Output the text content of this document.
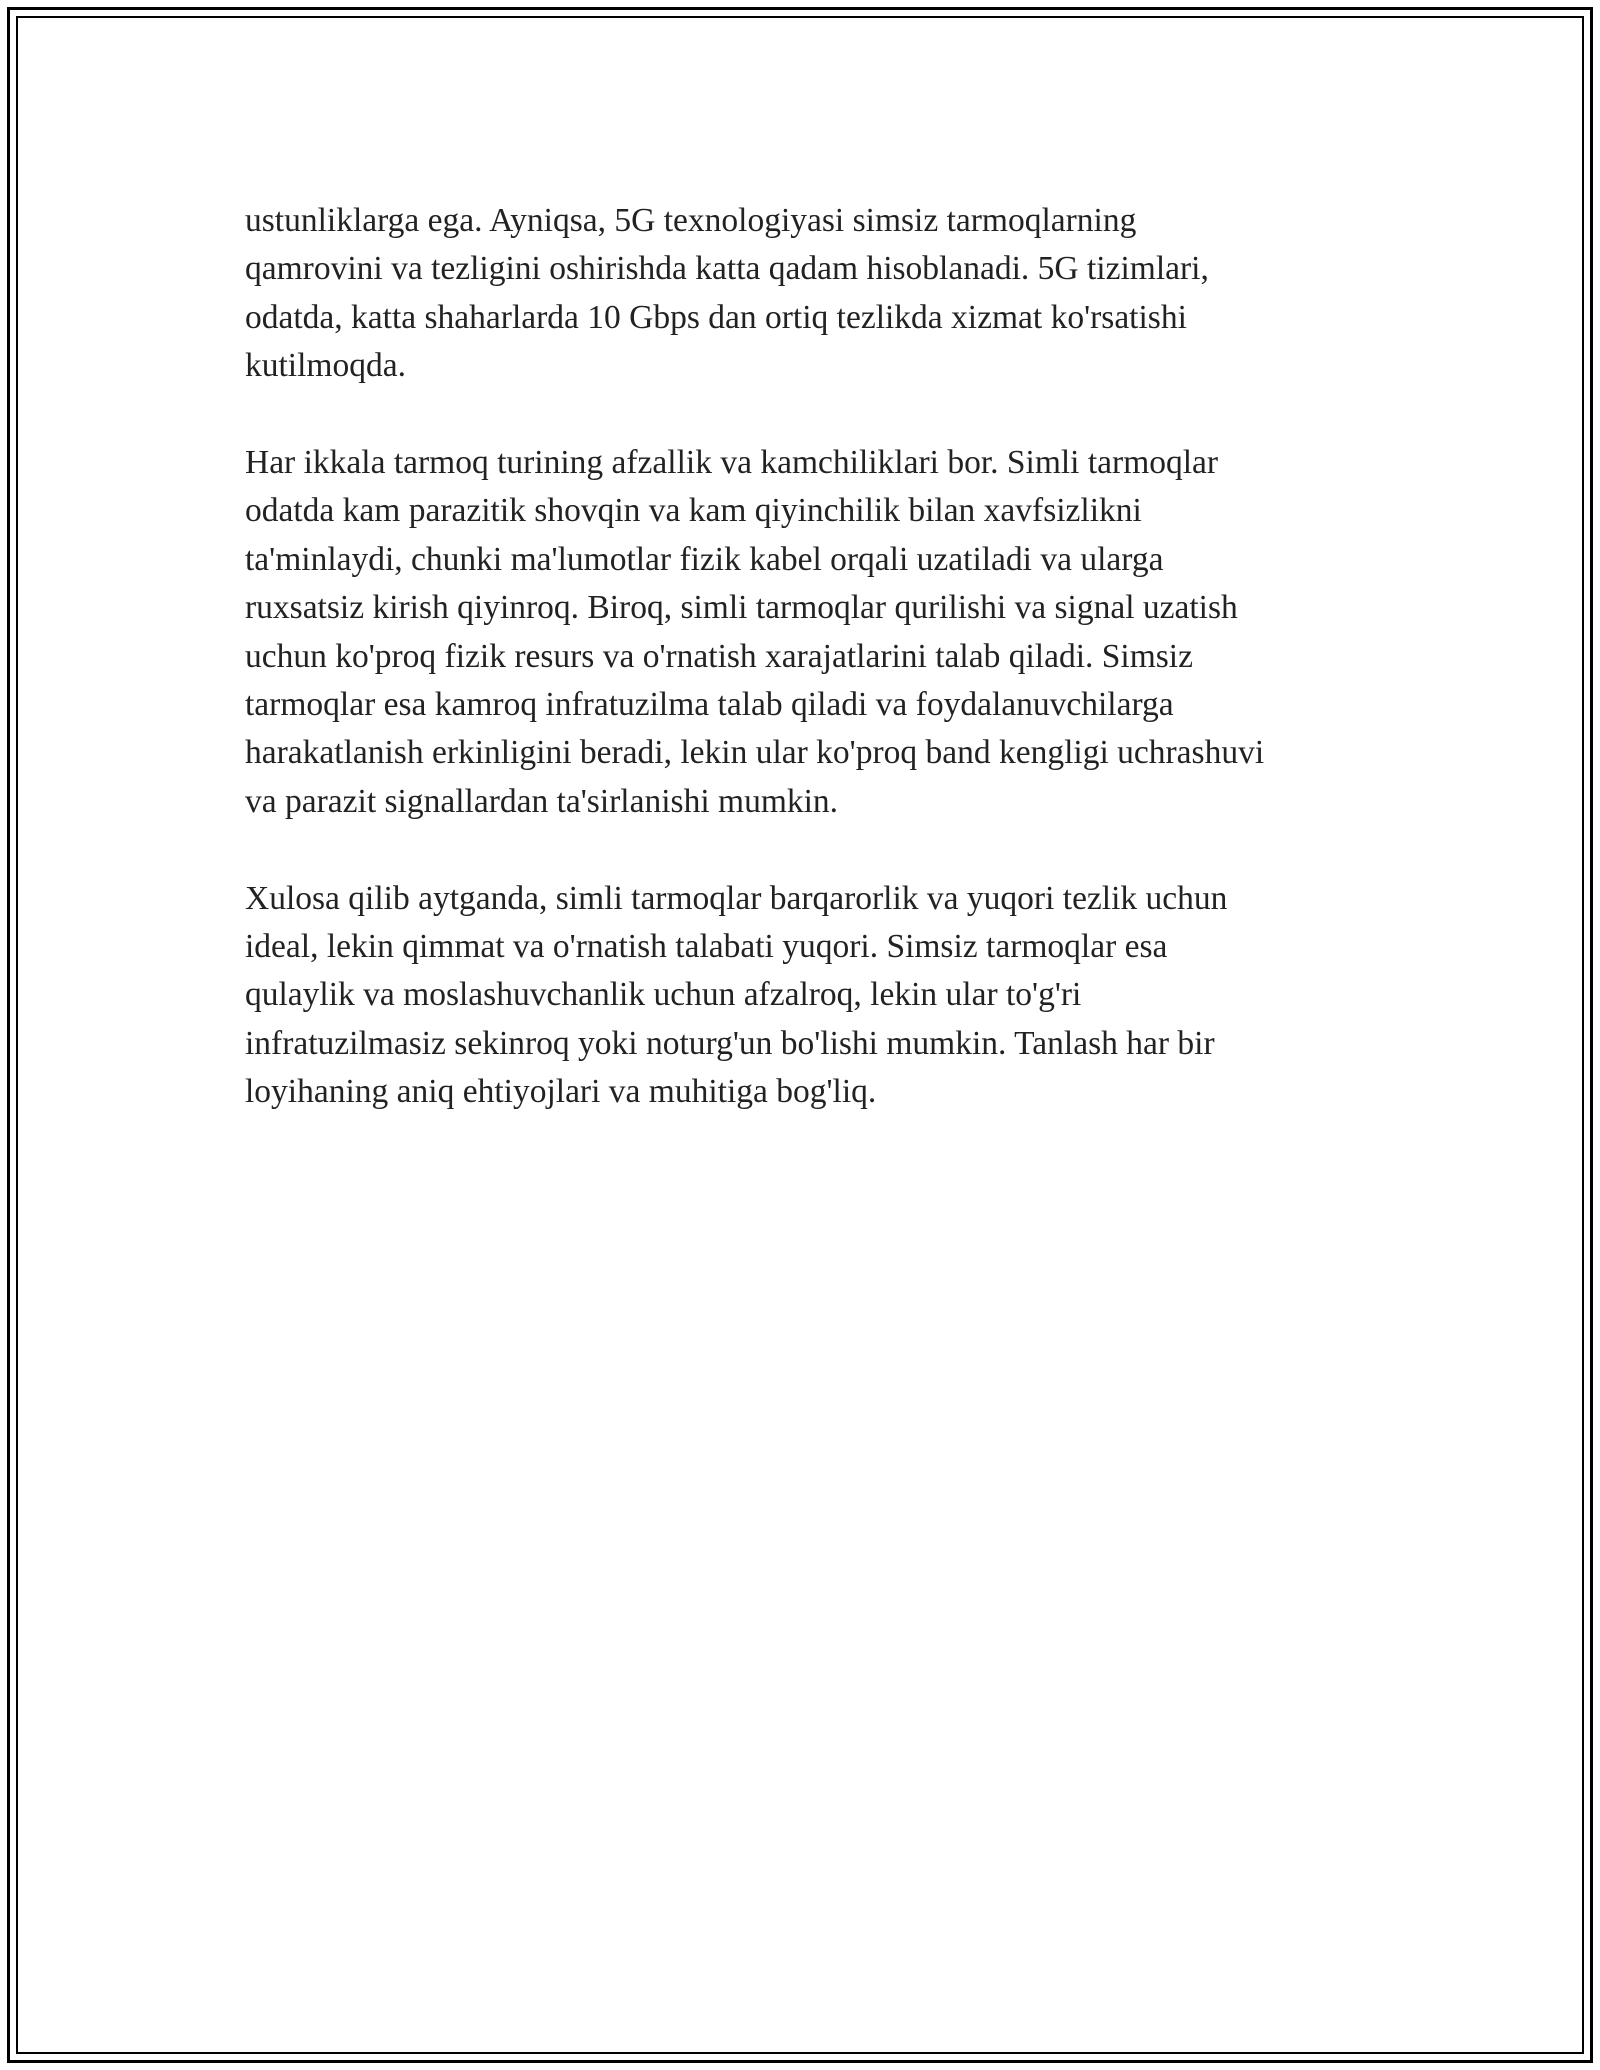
ustunliklarga ega. Ayniqsa, 5G texnologiyasi simsiz tarmoqlarning
qamrovini va tezligini oshirishda katta qadam hisoblanadi. 5G tizimlari,
odatda, katta shaharlarda 10 Gbps dan ortiq tezlikda xizmat ko'rsatishi
kutilmoqda.

Har ikkala tarmoq turining afzallik va kamchiliklari bor. Simli tarmoqlar
odatda kam parazitik shovqin va kam qiyinchilik bilan xavfsizlikni
ta'minlaydi, chunki ma'lumotlar fizik kabel orqali uzatiladi va ularga
ruxsatsiz kirish qiyinroq. Biroq, simli tarmoqlar qurilishi va signal uzatish
uchun ko'proq fizik resurs va o'rnatish xarajatlarini talab qiladi. Simsiz
tarmoqlar esa kamroq infratuzilma talab qiladi va foydalanuvchilarga
harakatlanish erkinligini beradi, lekin ular ko'proq band kengligi uchrashuvi
va parazit signallardan ta'sirlanishi mumkin.

Xulosa qilib aytganda, simli tarmoqlar barqarorlik va yuqori tezlik uchun
ideal, lekin qimmat va o'rnatish talabati yuqori. Simsiz tarmoqlar esa
qulaylik va moslashuvchanlik uchun afzalroq, lekin ular to'g'ri
infratuzilmasiz sekinroq yoki noturg'un bo'lishi mumkin. Tanlash har bir
loyihaning aniq ehtiyojlari va muhitiga bog'liq.
